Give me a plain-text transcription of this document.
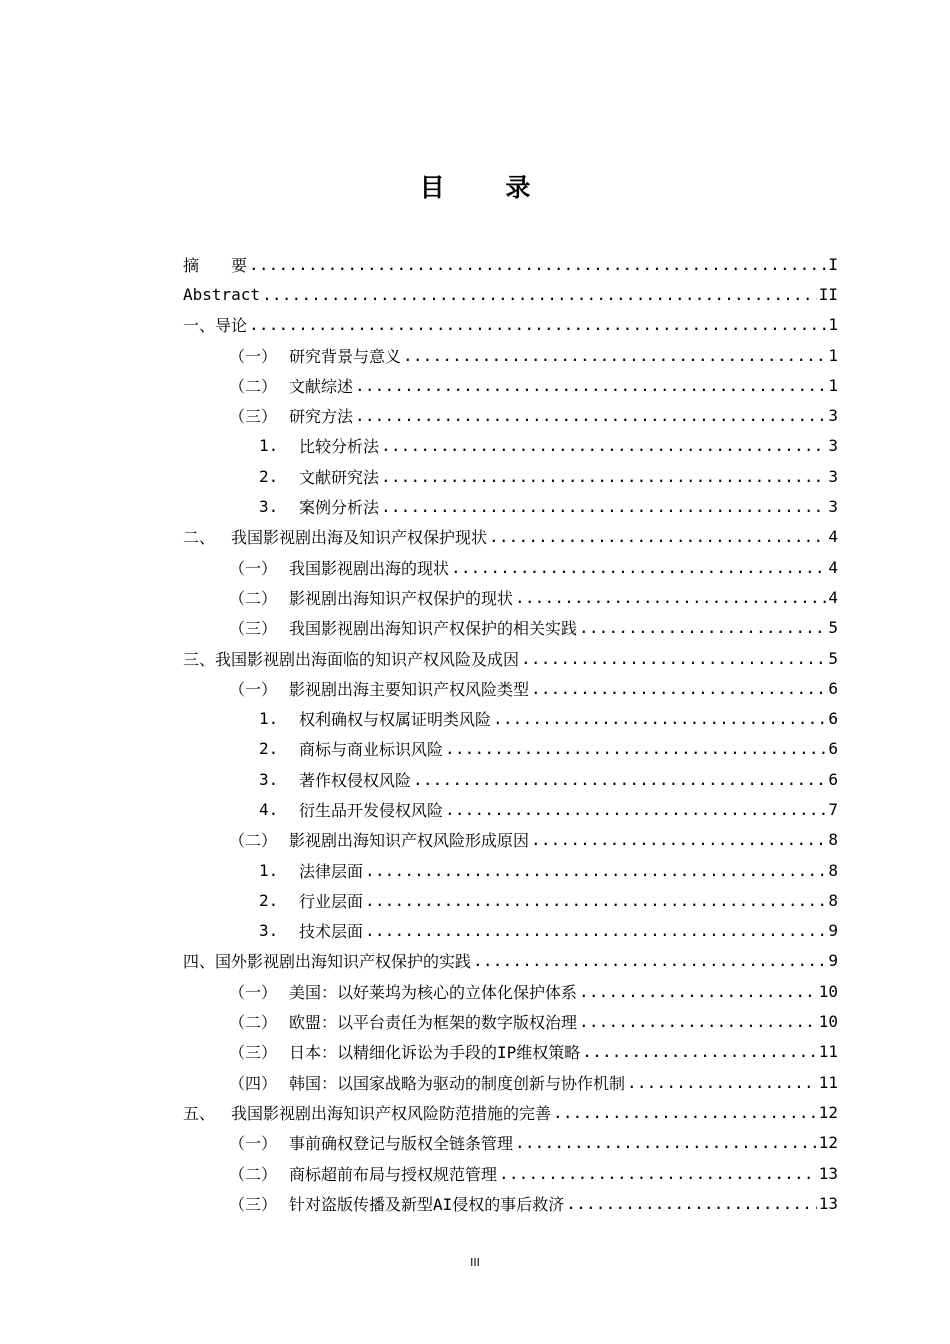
目 录
摘	要 .....	I
Abstract .....	II
一、 导论 .....	1
（一） 研究背景与意义 .....	1
（二） 文献综述 .....	1
（三） 研究方法 .....	3
1.	比较分析法 .....	3
2.	文献研究法 .....	3
3.	案例分析法 .....	3
二、 我国影视剧出海及知识产权保护现状 .....	4
（一） 我国影视剧出海的现状 .....	4
（二） 影视剧出海知识产权保护的现状 .....	4
（三） 我国影视剧出海知识产权保护的相关实践 .....	5
三、 我国影视剧出海面临的知识产权风险及成因 .....	5
（一） 影视剧出海主要知识产权风险类型 .....	6
1.	权利确权与权属证明类风险 .....	6
2.	商标与商业标识风险 .....	6
3.	著作权侵权风险 .....	6
4.	衍生品开发侵权风险 .....	7
（二） 影视剧出海知识产权风险形成原因 .....	8
1.	法律层面 .....	8
2.	行业层面 .....	8
3.	技术层面 .....	9
四、 国外影视剧出海知识产权保护的实践 .....	9
（一） 美国：以好莱坞为核心的立体化保护体系 .....	10
（二） 欧盟：以平台责任为框架的数字版权治理 .....	10
（三） 日本：以精细化诉讼为手段的IP维权策略 .....	11
（四） 韩国：以国家战略为驱动的制度创新与协作机制 .....	11
五、 我国影视剧出海知识产权风险防范措施的完善 .....	12
（一） 事前确权登记与版权全链条管理 .....	12
（二） 商标超前布局与授权规范管理 .....	13
（三） 针对盗版传播及新型AI侵权的事后救济 .....	13
III
